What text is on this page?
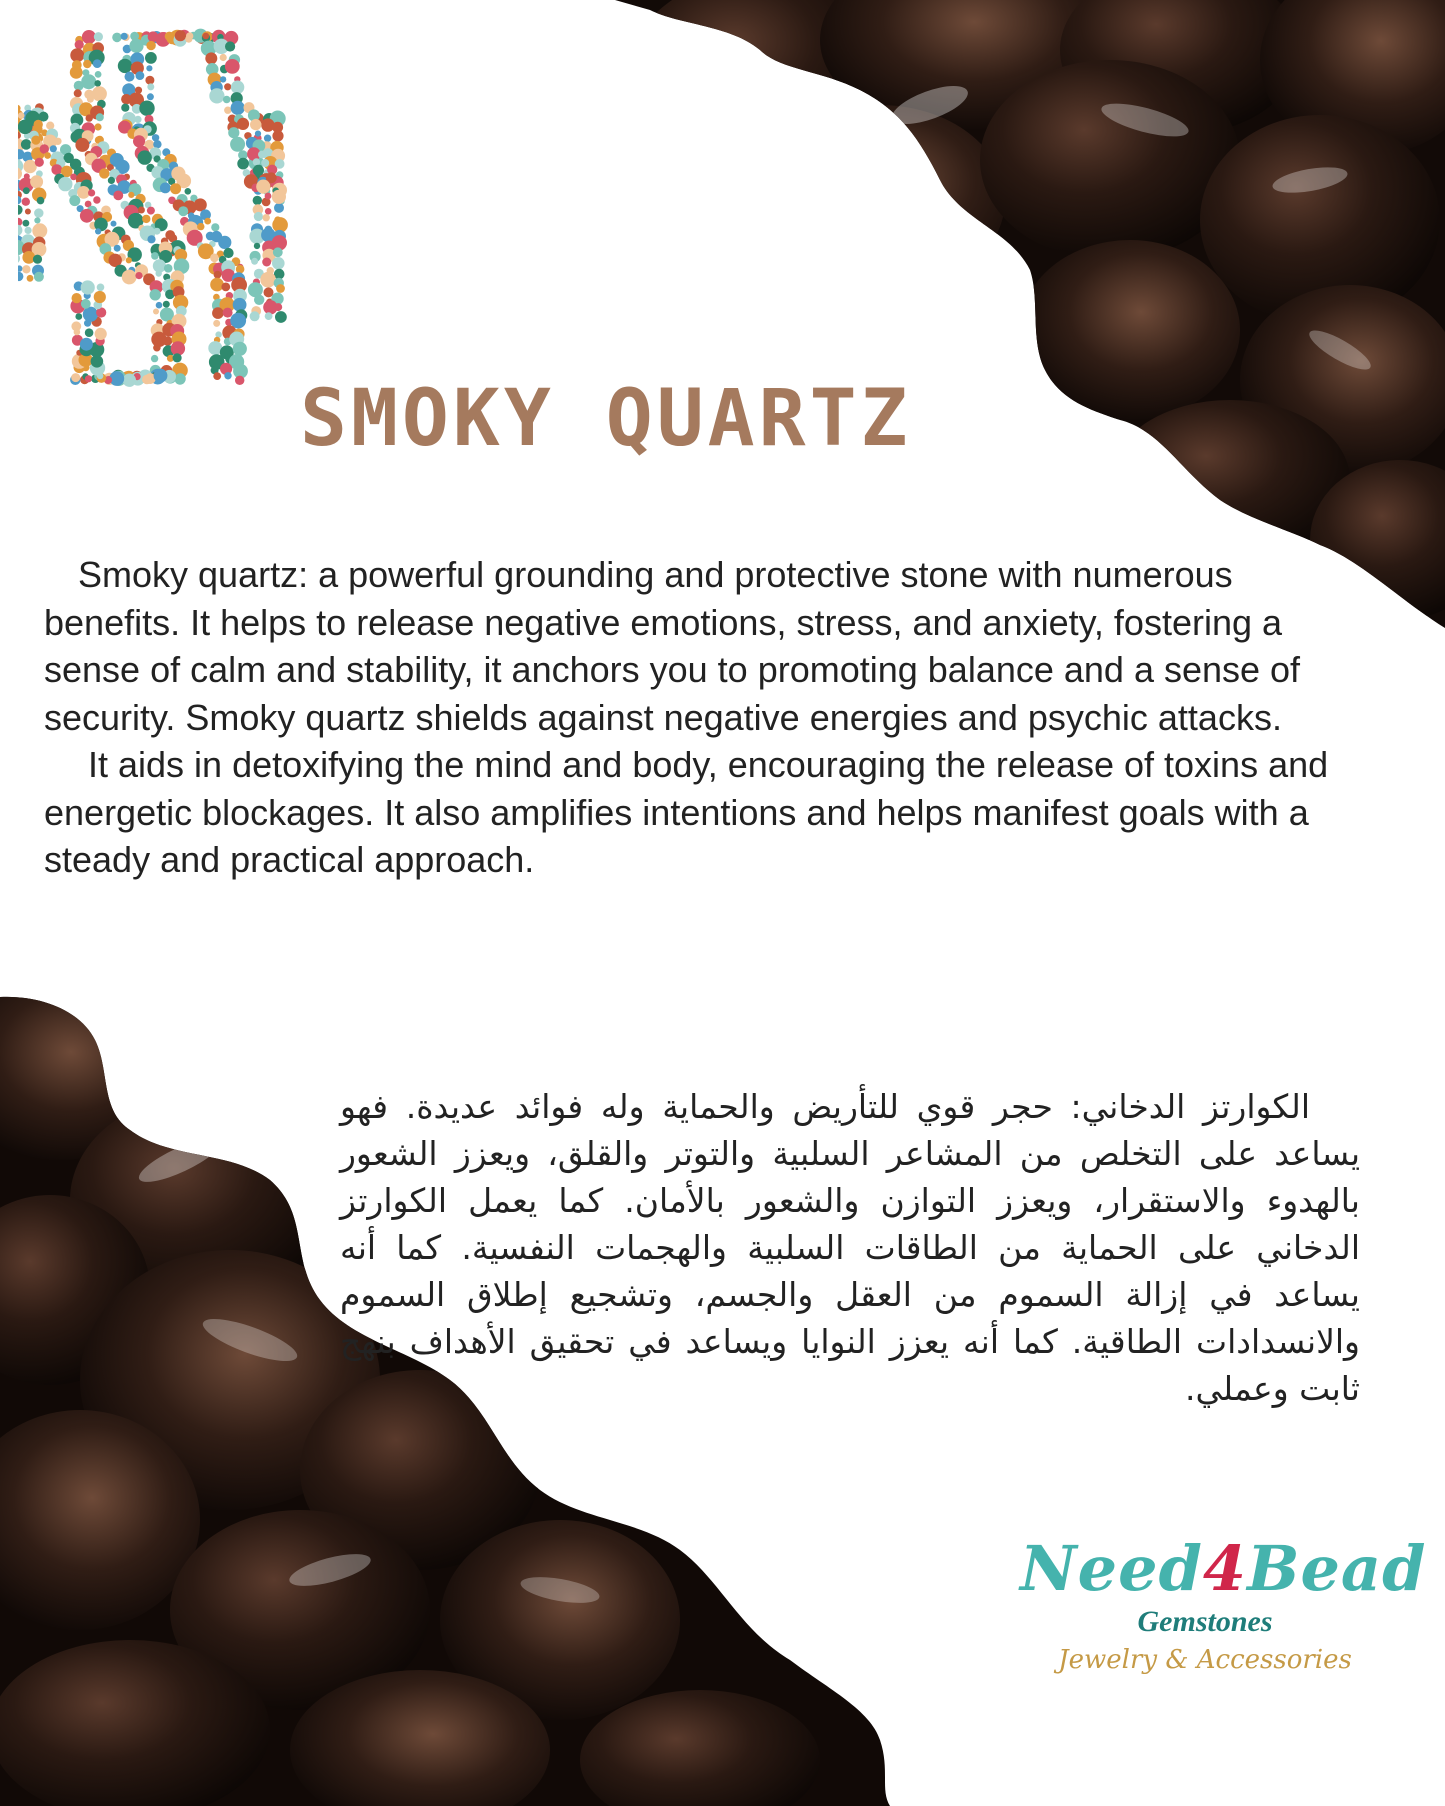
SMOKY QUARTZ

Smoky quartz: a powerful grounding and protective stone with numerous benefits. It helps to release negative emotions, stress, and anxiety, fostering a sense of calm and stability, it anchors you to promoting balance and a sense of security. Smoky quartz shields against negative energies and psychic attacks.

It aids in detoxifying the mind and body, encouraging the release of toxins and energetic blockages. It also amplifies intentions and helps manifest goals with a steady and practical approach.

الكوارتز الدخاني: حجر قوي للتأريض والحماية وله فوائد عديدة. فهو يساعد على التخلص من المشاعر السلبية والتوتر والقلق، ويعزز الشعور بالهدوء والاستقرار، ويعزز التوازن والشعور بالأمان. كما يعمل الكوارتز الدخاني على الحماية من الطاقات السلبية والهجمات النفسية. كما أنه يساعد في إزالة السموم من العقل والجسم، وتشجيع إطلاق السموم والانسدادات الطاقية. كما أنه يعزز النوايا ويساعد في تحقيق الأهداف بنهج ثابت وعملي.

Need4Bead
Gemstones
Jewelry & Accessories
